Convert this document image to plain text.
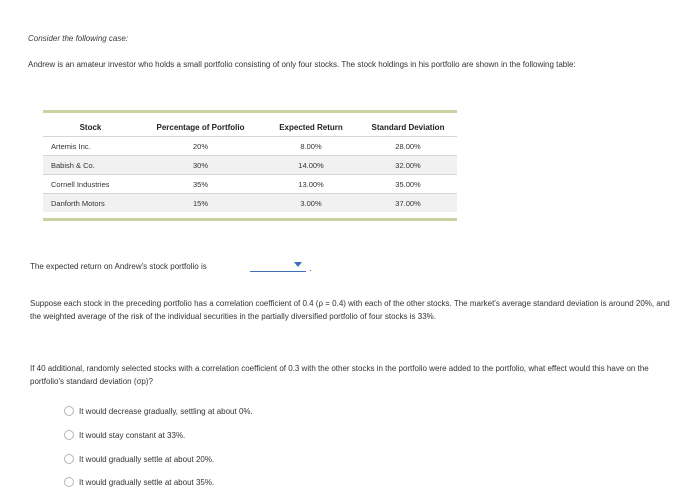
Consider the following case:
Andrew is an amateur investor who holds a small portfolio consisting of only four stocks. The stock holdings in his portfolio are shown in the following table:
Stock	Percentage of Portfolio	Expected Return	Standard Deviation
Artemis Inc.	20%	8.00%	28.00%
Babish & Co.	30%	14.00%	32.00%
Cornell Industries	35%	13.00%	35.00%
Danforth Motors	15%	3.00%	37.00%
The expected return on Andrew's stock portfolio is	.
Suppose each stock in the preceding portfolio has a correlation coefficient of 0.4 (ρ = 0.4) with each of the other stocks. The market's average standard deviation is around 20%, and the weighted average of the risk of the individual securities in the partially diversified portfolio of four stocks is 33%.
If 40 additional, randomly selected stocks with a correlation coefficient of 0.3 with the other stocks in the portfolio were added to the portfolio, what effect would this have on the portfolio's standard deviation (σp)?
It would decrease gradually, settling at about 0%.
It would stay constant at 33%.
It would gradually settle at about 20%.
It would gradually settle at about 35%.
